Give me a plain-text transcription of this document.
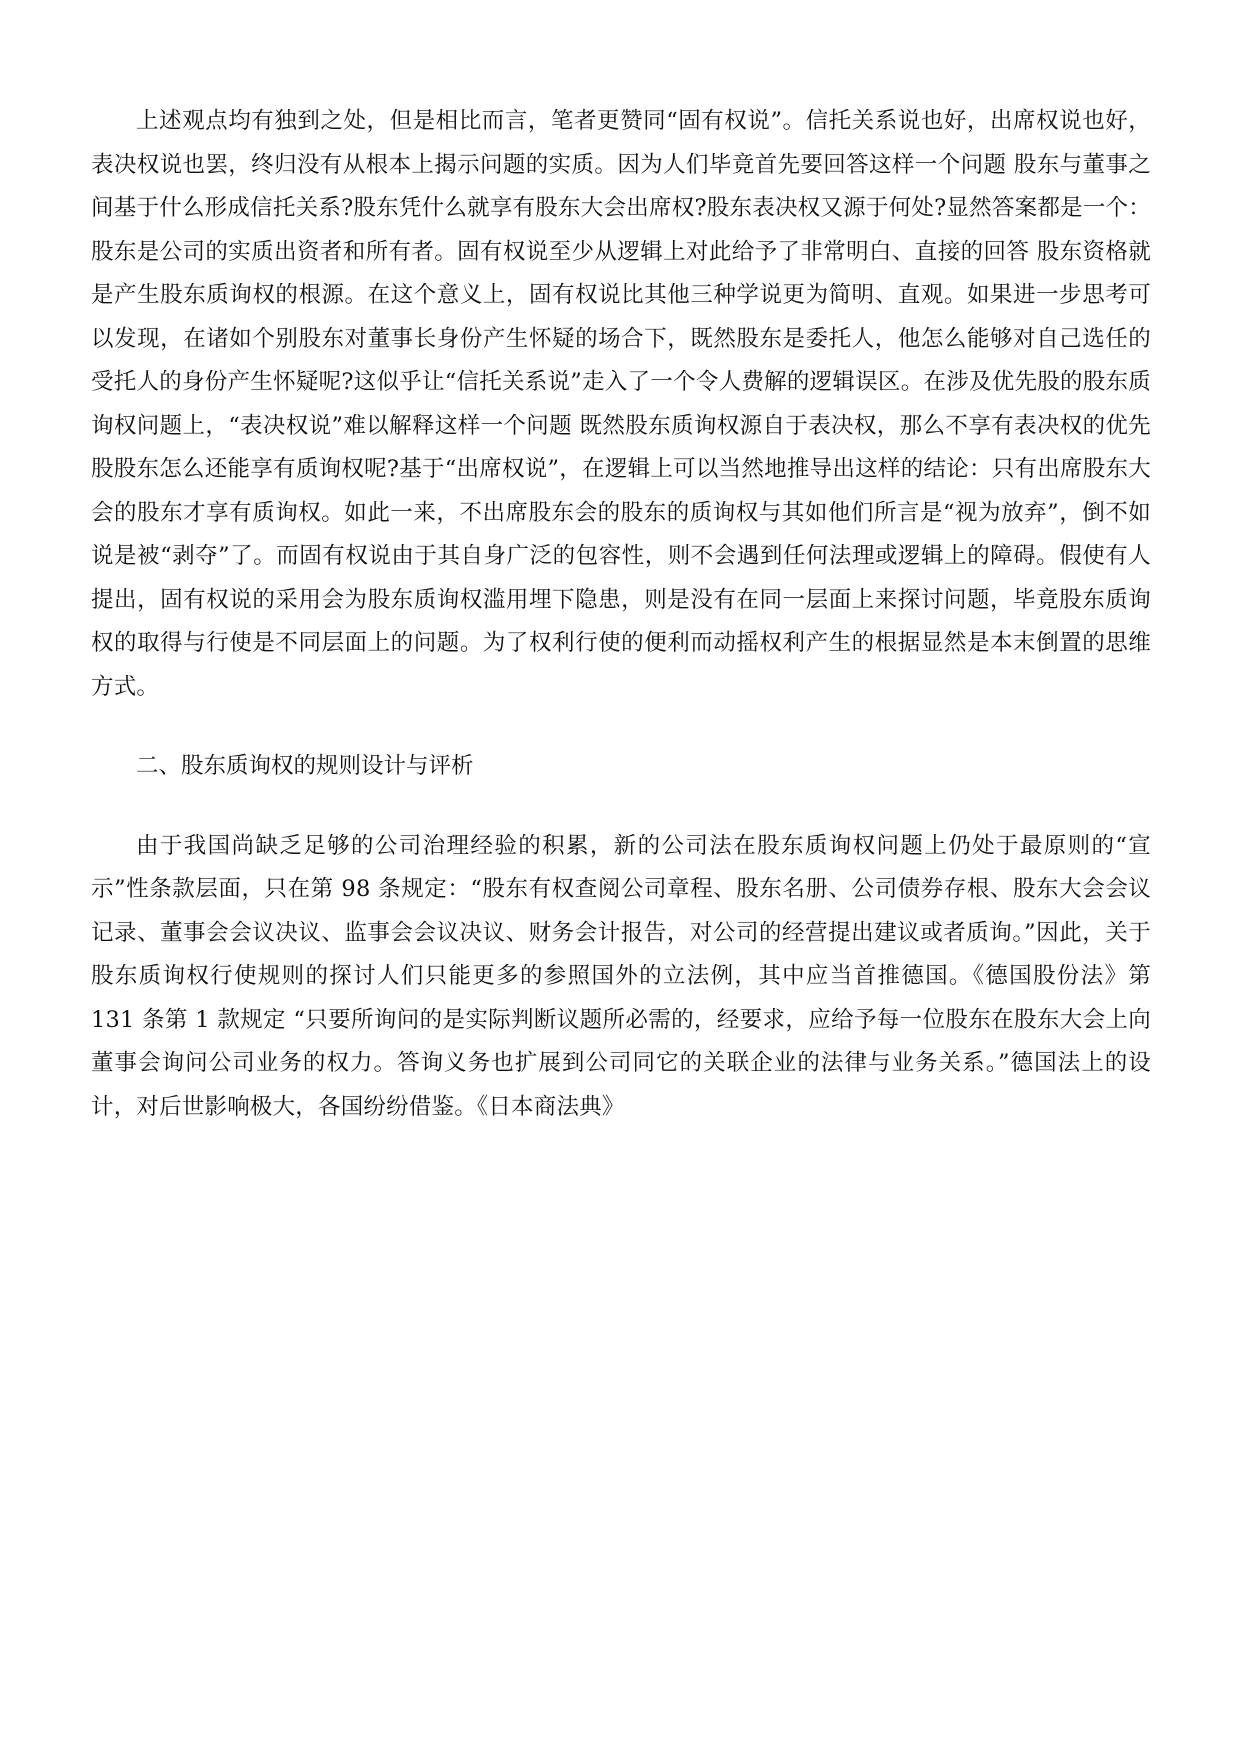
上述观点均有独到之处，但是相比而言，笔者更赞同“固有权说”。信托关系说也好，出席权说也好，表决权说也罢，终归没有从根本上揭示问题的实质。因为人们毕竟首先要回答这样一个问题 股东与董事之间基于什么形成信托关系?股东凭什么就享有股东大会出席权?股东表决权又源于何处?显然答案都是一个：股东是公司的实质出资者和所有者。固有权说至少从逻辑上对此给予了非常明白、直接的回答 股东资格就是产生股东质询权的根源。在这个意义上，固有权说比其他三种学说更为简明、直观。如果进一步思考可以发现，在诸如个别股东对董事长身份产生怀疑的场合下，既然股东是委托人，他怎么能够对自己选任的受托人的身份产生怀疑呢?这似乎让“信托关系说”走入了一个令人费解的逻辑误区。在涉及优先股的股东质询权问题上，“表决权说”难以解释这样一个问题 既然股东质询权源自于表决权，那么不享有表决权的优先股股东怎么还能享有质询权呢?基于“出席权说”，在逻辑上可以当然地推导出这样的结论：只有出席股东大会的股东才享有质询权。如此一来，不出席股东会的股东的质询权与其如他们所言是“视为放弃”，倒不如说是被“剥夺”了。而固有权说由于其自身广泛的包容性，则不会遇到任何法理或逻辑上的障碍。假使有人提出，固有权说的采用会为股东质询权滥用埋下隐患，则是没有在同一层面上来探讨问题，毕竟股东质询权的取得与行使是不同层面上的问题。为了权利行使的便利而动摇权利产生的根据显然是本末倒置的思维方式。

二、股东质询权的规则设计与评析

由于我国尚缺乏足够的公司治理经验的积累，新的公司法在股东质询权问题上仍处于最原则的“宣示”性条款层面，只在第 98 条规定：“股东有权查阅公司章程、股东名册、公司债券存根、股东大会会议记录、董事会会议决议、监事会会议决议、财务会计报告，对公司的经营提出建议或者质询。”因此，关于股东质询权行使规则的探讨人们只能更多的参照国外的立法例，其中应当首推德国。《德国股份法》第 131 条第 1 款规定 “只要所询问的是实际判断议题所必需的，经要求，应给予每一位股东在股东大会上向董事会询问公司业务的权力。答询义务也扩展到公司同它的关联企业的法律与业务关系。”德国法上的设计，对后世影响极大，各国纷纷借鉴。《日本商法典》
